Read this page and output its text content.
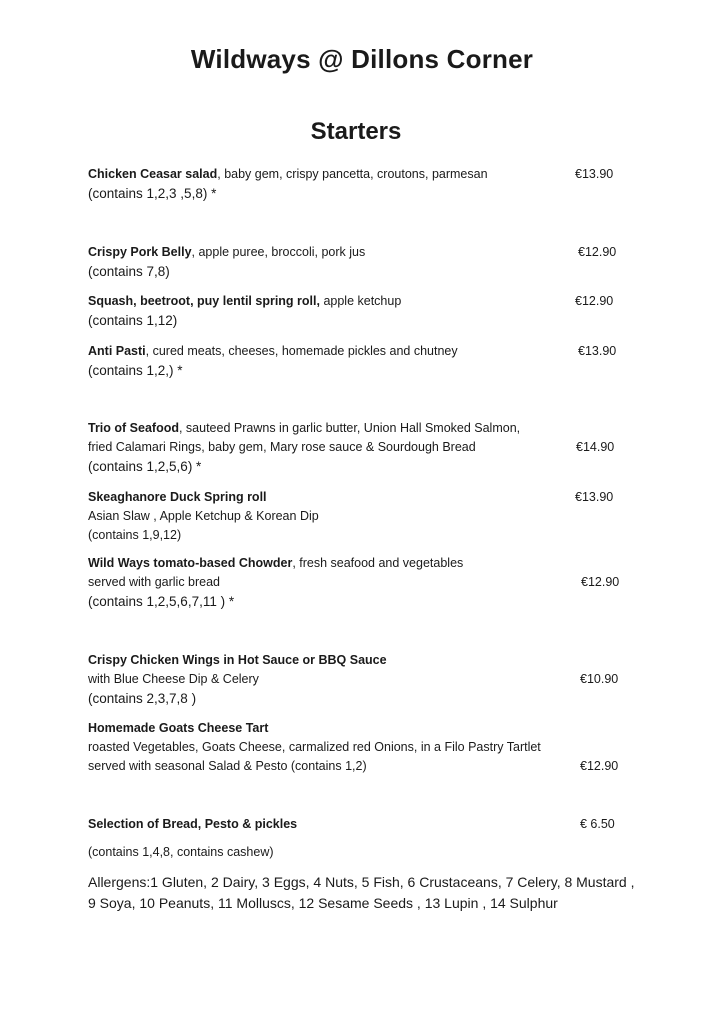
Wildways @ Dillons Corner
Starters
Chicken Ceasar salad, baby gem, crispy pancetta, croutons, parmesan
(contains 1,2,3 ,5,8) *
€13.90
Crispy Pork Belly, apple puree, broccoli, pork jus
(contains 7,8)
€12.90
Squash, beetroot, puy lentil spring roll, apple ketchup
(contains 1,12)
€12.90
Anti Pasti, cured meats, cheeses, homemade pickles and chutney
(contains 1,2,) *
€13.90
Trio of Seafood, sauteed Prawns in garlic butter, Union Hall Smoked Salmon,
fried Calamari Rings, baby gem, Mary rose sauce & Sourdough Bread
(contains 1,2,5,6) *
€14.90
Skeaghanore Duck Spring roll
Asian Slaw , Apple Ketchup & Korean Dip
(contains 1,9,12)
€13.90
Wild Ways tomato-based Chowder, fresh seafood and vegetables
served with garlic bread
(contains 1,2,5,6,7,11 ) *
€12.90
Crispy Chicken Wings in Hot Sauce or BBQ Sauce
with Blue Cheese Dip & Celery
(contains 2,3,7,8 )
€10.90
Homemade Goats Cheese Tart
roasted Vegetables, Goats Cheese, carmalized red Onions, in a Filo Pastry Tartlet
served with seasonal Salad & Pesto (contains 1,2)	€12.90
Selection of Bread, Pesto & pickles	€ 6.50
(contains 1,4,8, contains cashew)
Allergens:1 Gluten, 2 Dairy, 3 Eggs, 4 Nuts, 5 Fish, 6 Crustaceans, 7 Celery, 8 Mustard ,
9 Soya, 10 Peanuts, 11 Molluscs, 12 Sesame Seeds , 13 Lupin , 14 Sulphur
